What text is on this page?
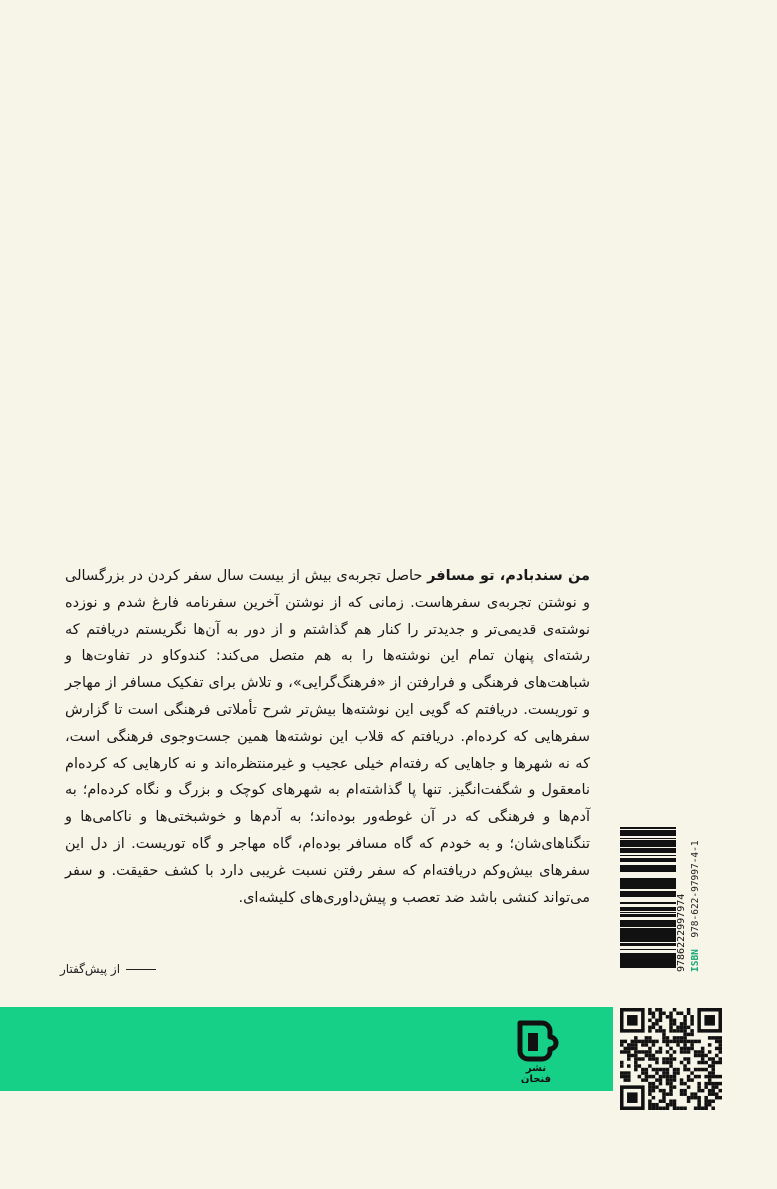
من سندبادم، تو مسافر حاصل تجربه‌ی بیش از بیست سال سفر کردن در بزرگسالی و نوشتن تجربه‌ی سفرهاست. زمانی که از نوشتن آخرین سفرنامه فارغ شدم و نوزده نوشته‌ی قدیمی‌تر و جدیدتر را کنار هم گذاشتم و از دور به آن‌ها نگریستم دریافتم که رشته‌ای پنهان تمام این نوشته‌ها را به هم متصل می‌کند: کندوکاو در تفاوت‌ها و شباهت‌های فرهنگی و فرارفتن از «فرهنگ‌گرایی»، و تلاش برای تفکیک مسافر از مهاجر و توریست. دریافتم که گویی این نوشته‌ها بیش‌تر شرح تأملاتی فرهنگی است تا گزارش سفرهایی که کرده‌ام. دریافتم که قلاب این نوشته‌ها همین جست‌وجوی فرهنگی است، که نه شهرها و جاهایی که رفته‌ام خیلی عجیب و غیرمنتظره‌اند و نه کارهایی که کرده‌ام نامعقول و شگفت‌انگیز. تنها پا گذاشته‌ام به شهرهای کوچک و بزرگ و نگاه کرده‌ام؛ به آدم‌ها و فرهنگی که در آن غوطه‌ور بوده‌اند؛ به آدم‌ها و خوشبختی‌ها و ناکامی‌ها و تنگناهای‌شان؛ و به خودم که گاه مسافر بوده‌ام، گاه مهاجر و گاه توریست. از دل این سفرهای بیش‌وکم دریافته‌ام که سفر رفتن نسبت غریبی دارد با کشف حقیقت. و سفر می‌تواند کنشی باشد ضد تعصب و پیش‌داوری‌های کلیشه‌ای.
از پیش‌گفتار
نشر
فنجان
9786222997974 ISBN  978-622-97997-4-1
